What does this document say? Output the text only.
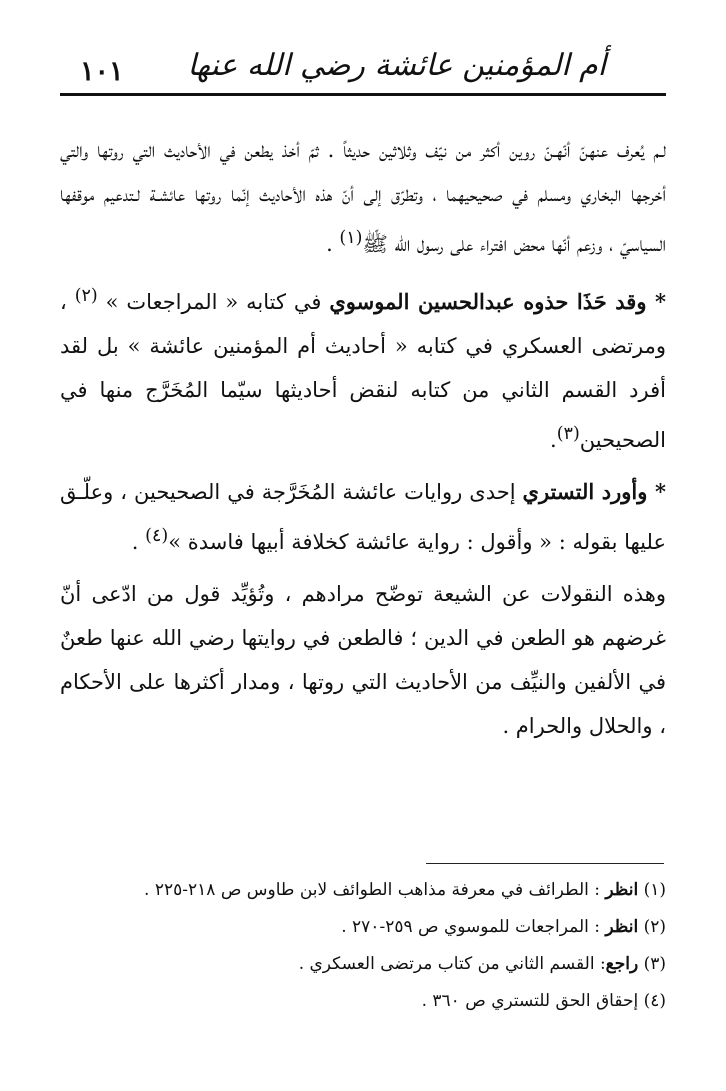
١٠١ أم المؤمنين عائشة رضي الله عنها

لـم يُعرف عنهنّ أنّهـنّ روين أكثر من نيّف وثلاثين حديثاً . ثمّ أخذ يطعن في الأحاديث التي روتها والتي أخرجها البخاري ومسلم في صحيحيهما ، وتطرّق إلى أنّ هذه الأحاديث إنّما روتها عائشـة لـتدعيم موقفها السياسيّ ، وزعم أنّها محض افتراء على رسول الله ﷺ$^{(١)}$ .

* وقد حَذَا حذوه عبدالحسين الموسوي في كتابه « المراجعات » $^{(٢)}$ ، ومرتضى العسكري في كتابه « أحاديث أم المؤمنين عائشة » بل لقد أفرد القسم الثاني من كتابه لنقض أحاديثها سيّما المُخَرَّج منها في الصحيحين$^{(٣)}$.

* وأورد التستري إحدى روايات عائشة المُخَرَّجة في الصحيحين ، وعلّـق عليها بقوله : « وأقول : رواية عائشة كخلافة أبيها فاسدة »$^{(٤)}$ .

وهذه النقولات عن الشيعة توضّح مرادهم ، وتُؤيِّد قول من ادّعى أنّ غرضهم هو الطعن في الدين ؛ فالطعن في روايتها رضي الله عنها طعنٌ في الألفين والنيِّف من الأحاديث التي روتها ، ومدار أكثرها على الأحكام ، والحلال والحرام .

(١) انظر : الطرائف في معرفة مذاهب الطوائف لابن طاوس ص ٢١٨-٢٢٥ .
(٢) انظر : المراجعات للموسوي ص ٢٥٩-٢٧٠ .
(٣) راجع: القسم الثاني من كتاب مرتضى العسكري .
(٤) إحقاق الحق للتستري ص ٣٦٠ .
